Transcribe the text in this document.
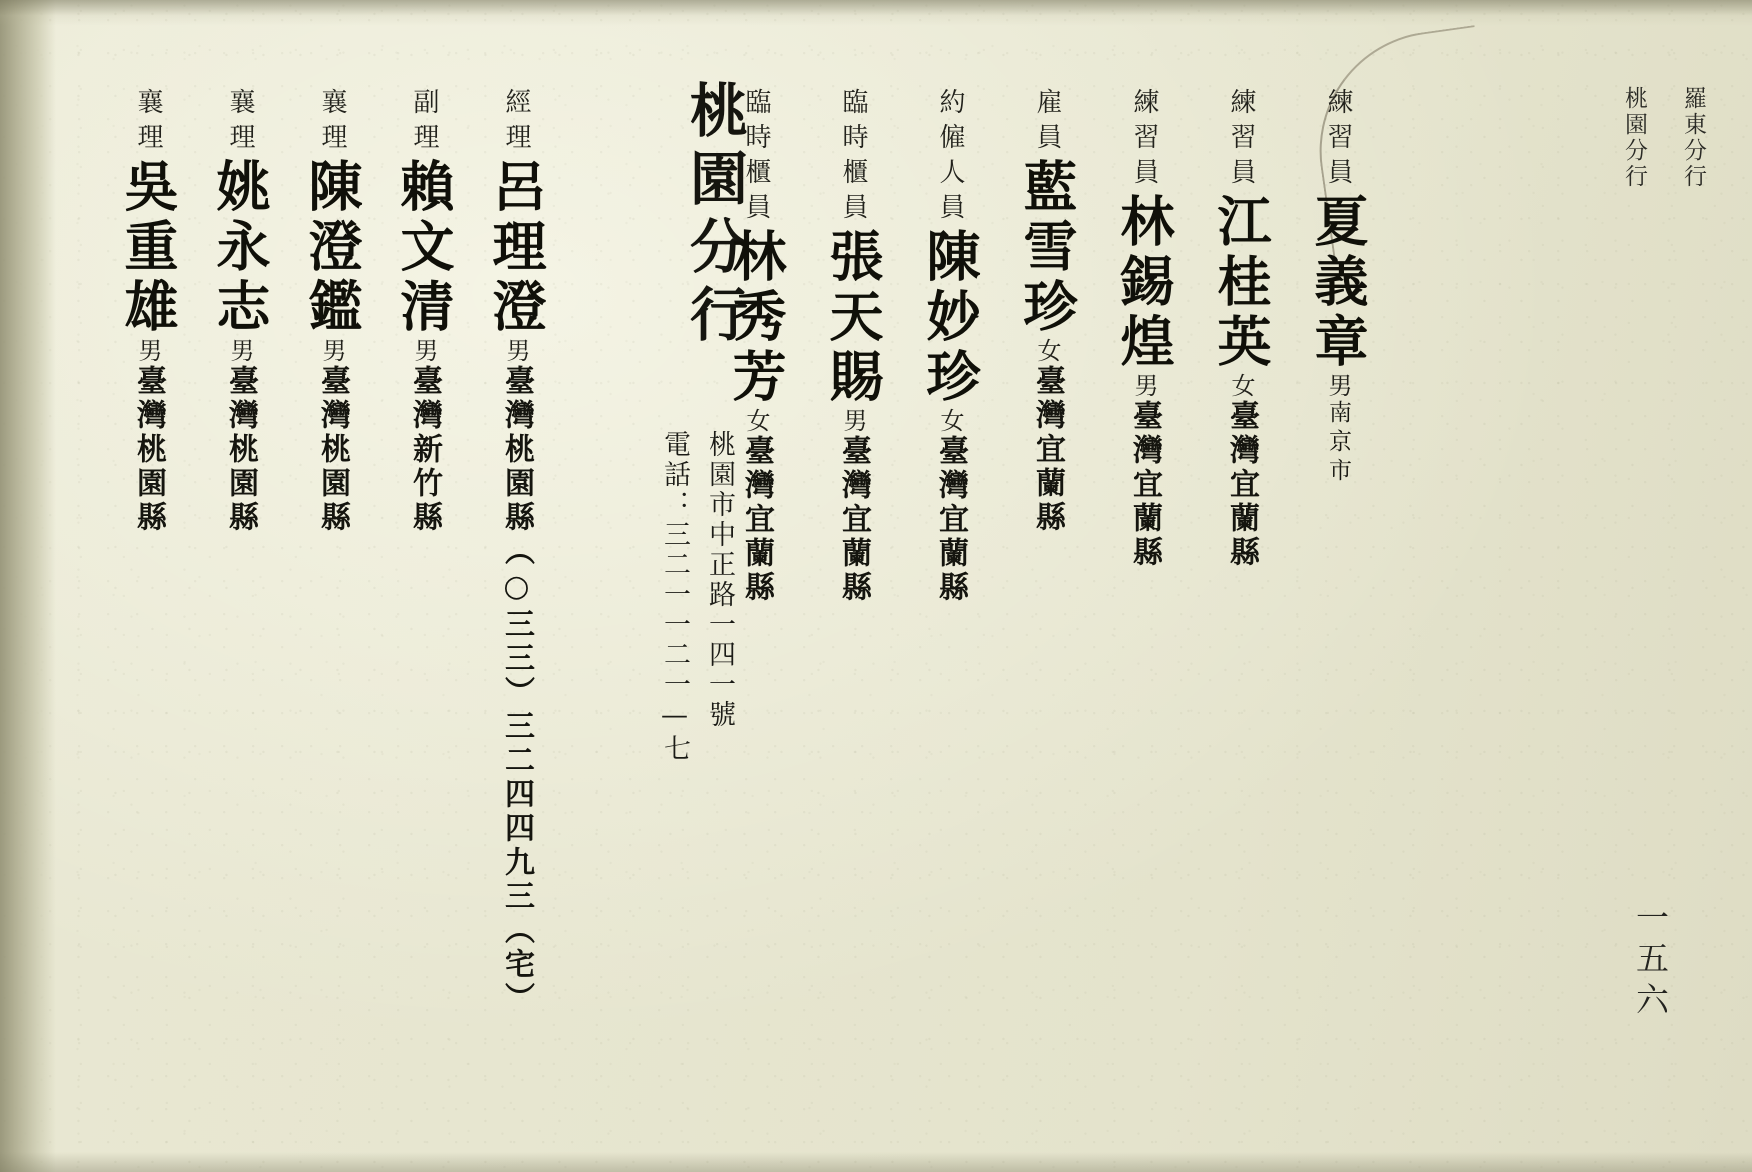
羅東分行
桃園分行
一五六
桃園分行
桃園市中正路一四一號
電話：三二一一二一—七
練習員夏義章男南京市
練習員江桂英女臺灣宜蘭縣
練習員林錫煌男臺灣宜蘭縣
雇員藍雪珍女臺灣宜蘭縣
約僱人員陳妙珍女臺灣宜蘭縣
臨時櫃員張天賜男臺灣宜蘭縣
臨時櫃員林秀芳女臺灣宜蘭縣
經理呂理澄男臺灣桃園縣（○三三）三二四四九三（宅）
副理賴文清男臺灣新竹縣
襄理陳澄鑑男臺灣桃園縣
襄理姚永志男臺灣桃園縣
襄理吳重雄男臺灣桃園縣
